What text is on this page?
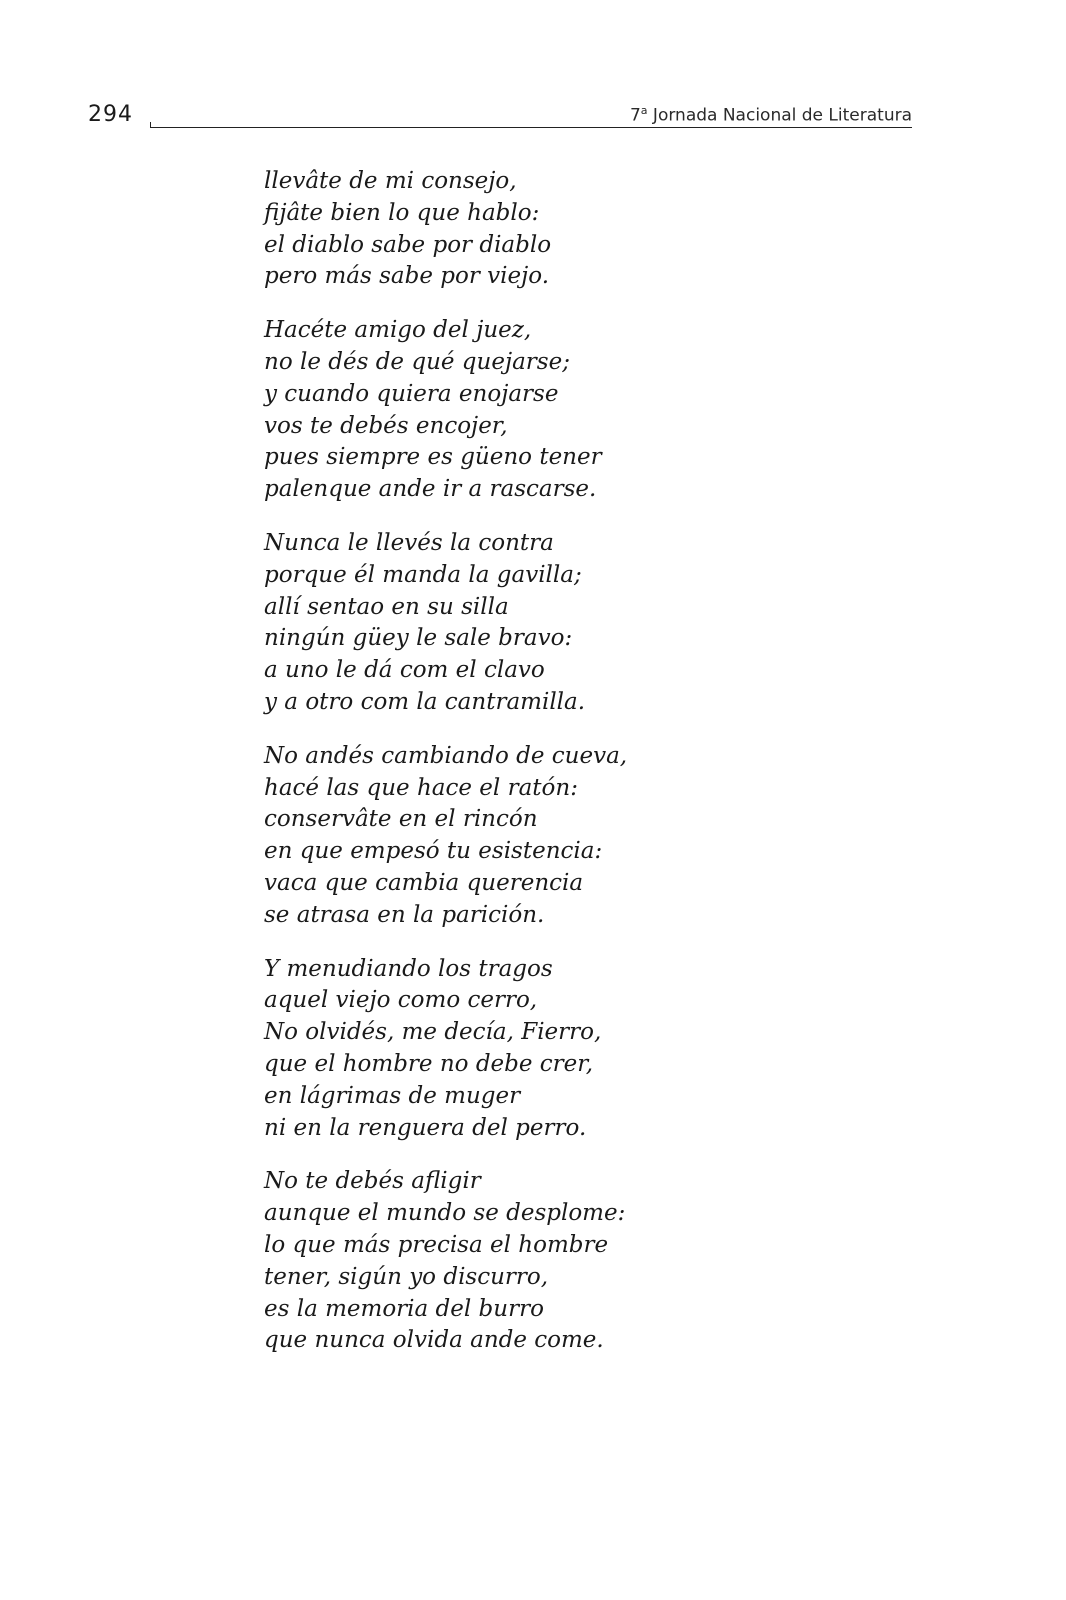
294	7$^a$ Jornada Nacional de Literatura
llevâte de mi consejo,
fijâte bien lo que hablo:
el diablo sabe por diablo
pero más sabe por viejo.
Hacéte amigo del juez,
no le dés de qué quejarse;
y cuando quiera enojarse
vos te debés encojer,
pues siempre es güeno tener
palenque ande ir a rascarse.
Nunca le llevés la contra
porque él manda la gavilla;
allí sentao en su silla
ningún güey le sale bravo:
a uno le dá com el clavo
y a otro com la cantramilla.
No andés cambiando de cueva,
hacé las que hace el ratón:
conservâte en el rincón
en que empesó tu esistencia:
vaca que cambia querencia
se atrasa en la parición.
Y menudiando los tragos
aquel viejo como cerro,
No olvidés, me decía, Fierro,
que el hombre no debe crer,
en lágrimas de muger
ni en la renguera del perro.
No te debés afligir
aunque el mundo se desplome:
lo que más precisa el hombre
tener, sigún yo discurro,
es la memoria del burro
que nunca olvida ande come.
